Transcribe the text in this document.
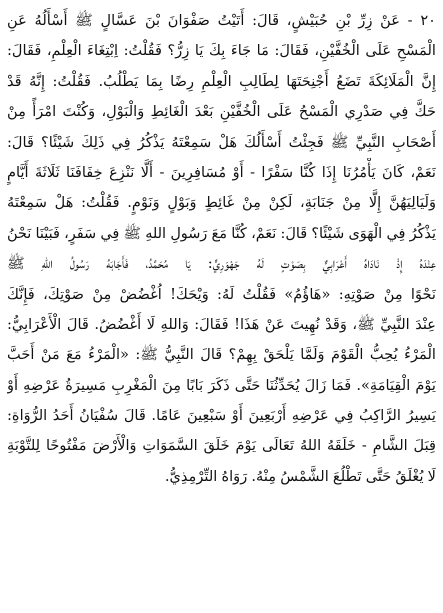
٢٠ - عَنْ زِرِّ بْنِ حُبَيْشٍ، قَالَ: أَتَيْتُ صَفْوَانَ بْنَ عَسَّالٍ ﷺ أَسْأَلُهُ عَنِ
الْمَسْحِ عَلَى الْخُفَّيْنِ، فَقَالَ: مَا جَاءَ بِكَ يَا زِرُّ؟ فَقُلْتُ: اِبْتِغَاءَ الْعِلْمِ، فَقَالَ:
إِنَّ الْمَلَائِكَةَ تَضَعُ أَجْنِحَتَهَا لِطَالِبِ الْعِلْمِ رِضًا بِمَا يَطْلُبُ. فَقُلْتُ: إِنَّهُ قَدْ
حَكَّ فِي صَدْرِي الْمَسْحُ عَلَى الْخُفَّيْنِ بَعْدَ الْغَائِطِ وَالْبَوْلِ، وَكُنْتَ امْرَأً مِنْ
أَصْحَابِ النَّبِيِّ ﷺ فَجِئْتُ أَسْأَلُكَ هَلْ سَمِعْتَهُ يَذْكُرُ فِي ذَلِكَ شَيْئًا؟ قَالَ:
نَعَمْ، كَانَ يَأْمُرُنَا إِذَا كُنَّا سَفْرًا - أَوْ مُسَافِرِينَ - أَلَّا نَنْزِعَ خِفَافَنَا ثَلَاثَةَ أَيَّامٍ
وَلَيَالِيَهُنَّ إِلَّا مِنْ جَنَابَةٍ، لَكِنْ مِنْ غَائِطٍ وَبَوْلٍ وَنَوْمٍ. فَقُلْتُ: هَلْ سَمِعْتَهُ
يَذْكُرُ فِي الْهَوَى شَيْئًا؟ قَالَ: نَعَمْ، كُنَّا مَعَ رَسُولِ اللهِ ﷺ فِي سَفَرٍ، فَبَيْنَا نَحْنُ
عِنْدَهُ إِذْ نَادَاهُ أَعْرَابِيٌّ بِصَوْتٍ لَهُ جَهْوَرِيٍّ: يَا مُحَمَّدُ، فَأَجَابَهُ رَسُولُ اللهِ ﷺ
نَحْوًا مِنْ صَوْتِهِ: «هَاؤُمُ» فَقُلْتُ لَهُ: وَيْحَكَ! اُغْضُضْ مِنْ صَوْتِكَ، فَإِنَّكَ
عِنْدَ النَّبِيِّ ﷺ، وَقَدْ نُهِيتَ عَنْ هَذَا! فَقَالَ: وَاللهِ لَا أَغْضُضُ. قَالَ الْأَعْرَابِيُّ:
الْمَرْءُ يُحِبُّ الْقَوْمَ وَلَمَّا يَلْحَقْ بِهِمْ؟ قَالَ النَّبِيُّ ﷺ: «الْمَرْءُ مَعَ مَنْ أَحَبَّ
يَوْمَ الْقِيَامَةِ». فَمَا زَالَ يُحَدِّثُنَا حَتَّى ذَكَرَ بَابًا مِنَ الْمَغْرِبِ مَسِيرَةُ عَرْضِهِ أَوْ
يَسِيرُ الرَّاكِبُ فِي عَرْضِهِ أَرْبَعِينَ أَوْ سَبْعِينَ عَامًا. قَالَ سُفْيَانُ أَحَدُ الرُّوَاةِ:
قِبَلَ الشَّامِ - خَلَقَهُ اللهُ تَعَالَى يَوْمَ خَلَقَ السَّمَوَاتِ وَالْأَرْضَ مَفْتُوحًا لِلتَّوْبَةِ
لَا يُغْلَقُ حَتَّى تَطْلُعَ الشَّمْسُ مِنْهُ. رَوَاهُ التِّرْمِذِيُّ.
